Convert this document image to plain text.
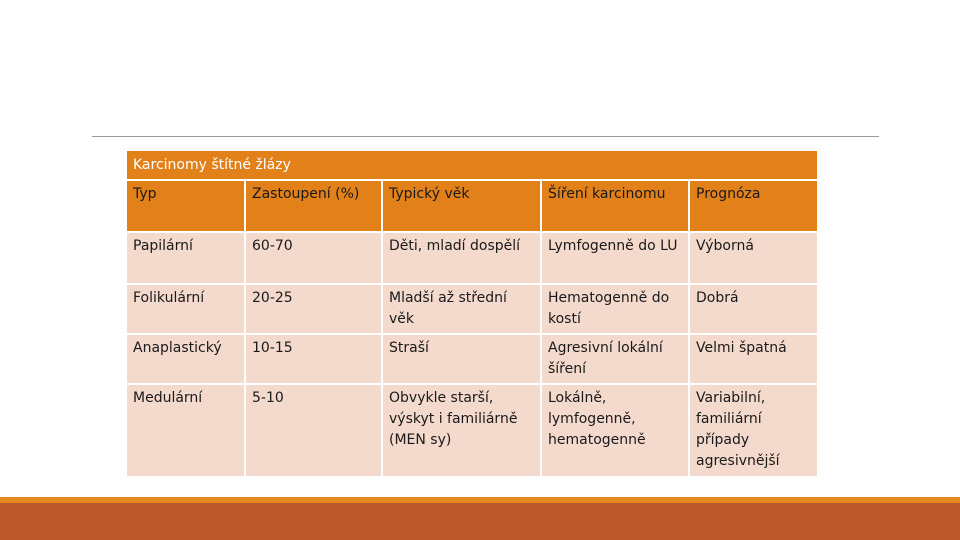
Karcinomy štítné žlázy				
Typ	Zastoupení (%)	Typický věk	Šíření karcinomu	Prognóza
Papilární	60-70	Děti, mladí dospělí	Lymfogenně do LU	Výborná
Folikulární	20-25	Mladší až střední věk	Hematogenně do kostí	Dobrá
Anaplastický	10-15	Straší	Agresivní lokální šíření	Velmi špatná
Medulární	5-10	Obvykle starší, výskyt i familiárně (MEN sy)	Lokálně, lymfogenně, hematogenně	Variabilní, familiární případy agresivnější
